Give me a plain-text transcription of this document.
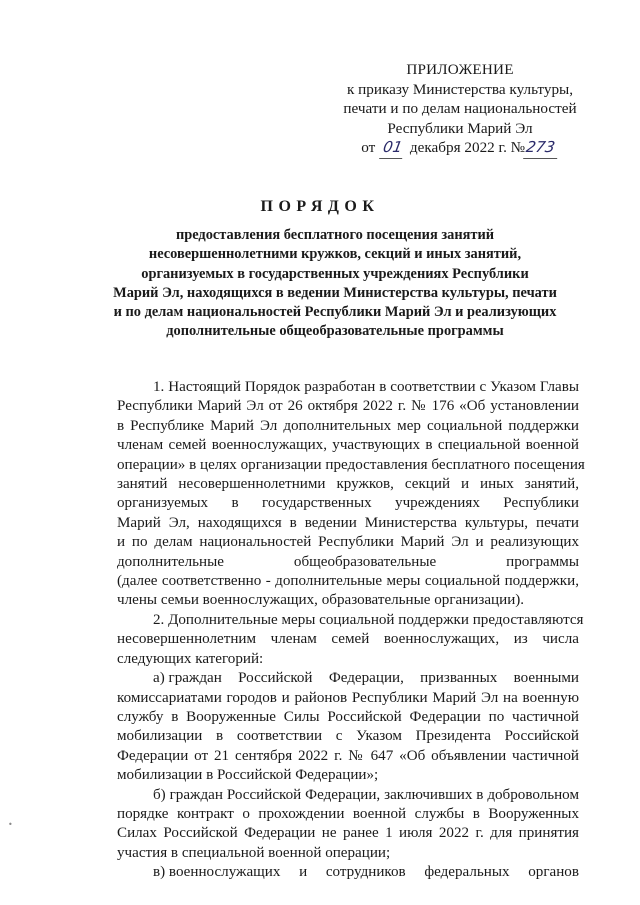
ПРИЛОЖЕНИЕ
к приказу Министерства культуры,
печати и по делам национальностей
Республики Марий Эл
от 01 декабря 2022 г. №273
ПОРЯДОК
предоставления бесплатного посещения занятий
несовершеннолетними кружков, секций и иных занятий,
организуемых в государственных учреждениях Республики
Марий Эл, находящихся в ведении Министерства культуры, печати
и по делам национальностей Республики Марий Эл и реализующих
дополнительные общеобразовательные программы
1. Настоящий Порядок разработан в соответствии с Указом Главы
Республики Марий Эл от 26 октября 2022 г. № 176 «Об установлении
в Республике Марий Эл дополнительных мер социальной поддержки
членам семей военнослужащих, участвующих в специальной военной
операции» в целях организации предоставления бесплатного посещения
занятий несовершеннолетними кружков, секций и иных занятий,
организуемых в государственных учреждениях Республики
Марий Эл, находящихся в ведении Министерства культуры, печати
и по делам национальностей Республики Марий Эл и реализующих
дополнительные	общеобразовательные	программы
(далее соответственно - дополнительные меры социальной поддержки,
члены семьи военнослужащих, образовательные организации).
2. Дополнительные меры социальной поддержки предоставляются
несовершеннолетним членам семей военнослужащих, из числа
следующих категорий:
а) граждан Российской Федерации, призванных военными
комиссариатами городов и районов Республики Марий Эл на военную
службу в Вооруженные Силы Российской Федерации по частичной
мобилизации в соответствии с Указом Президента Российской
Федерации от 21 сентября 2022 г. № 647 «Об объявлении частичной
мобилизации в Российской Федерации»;
б) граждан Российской Федерации, заключивших в добровольном
порядке контракт о прохождении военной службы в Вооруженных
Силах Российской Федерации не ранее 1 июля 2022 г. для принятия
участия в специальной военной операции;
в) военнослужащих и сотрудников федеральных органов
•
